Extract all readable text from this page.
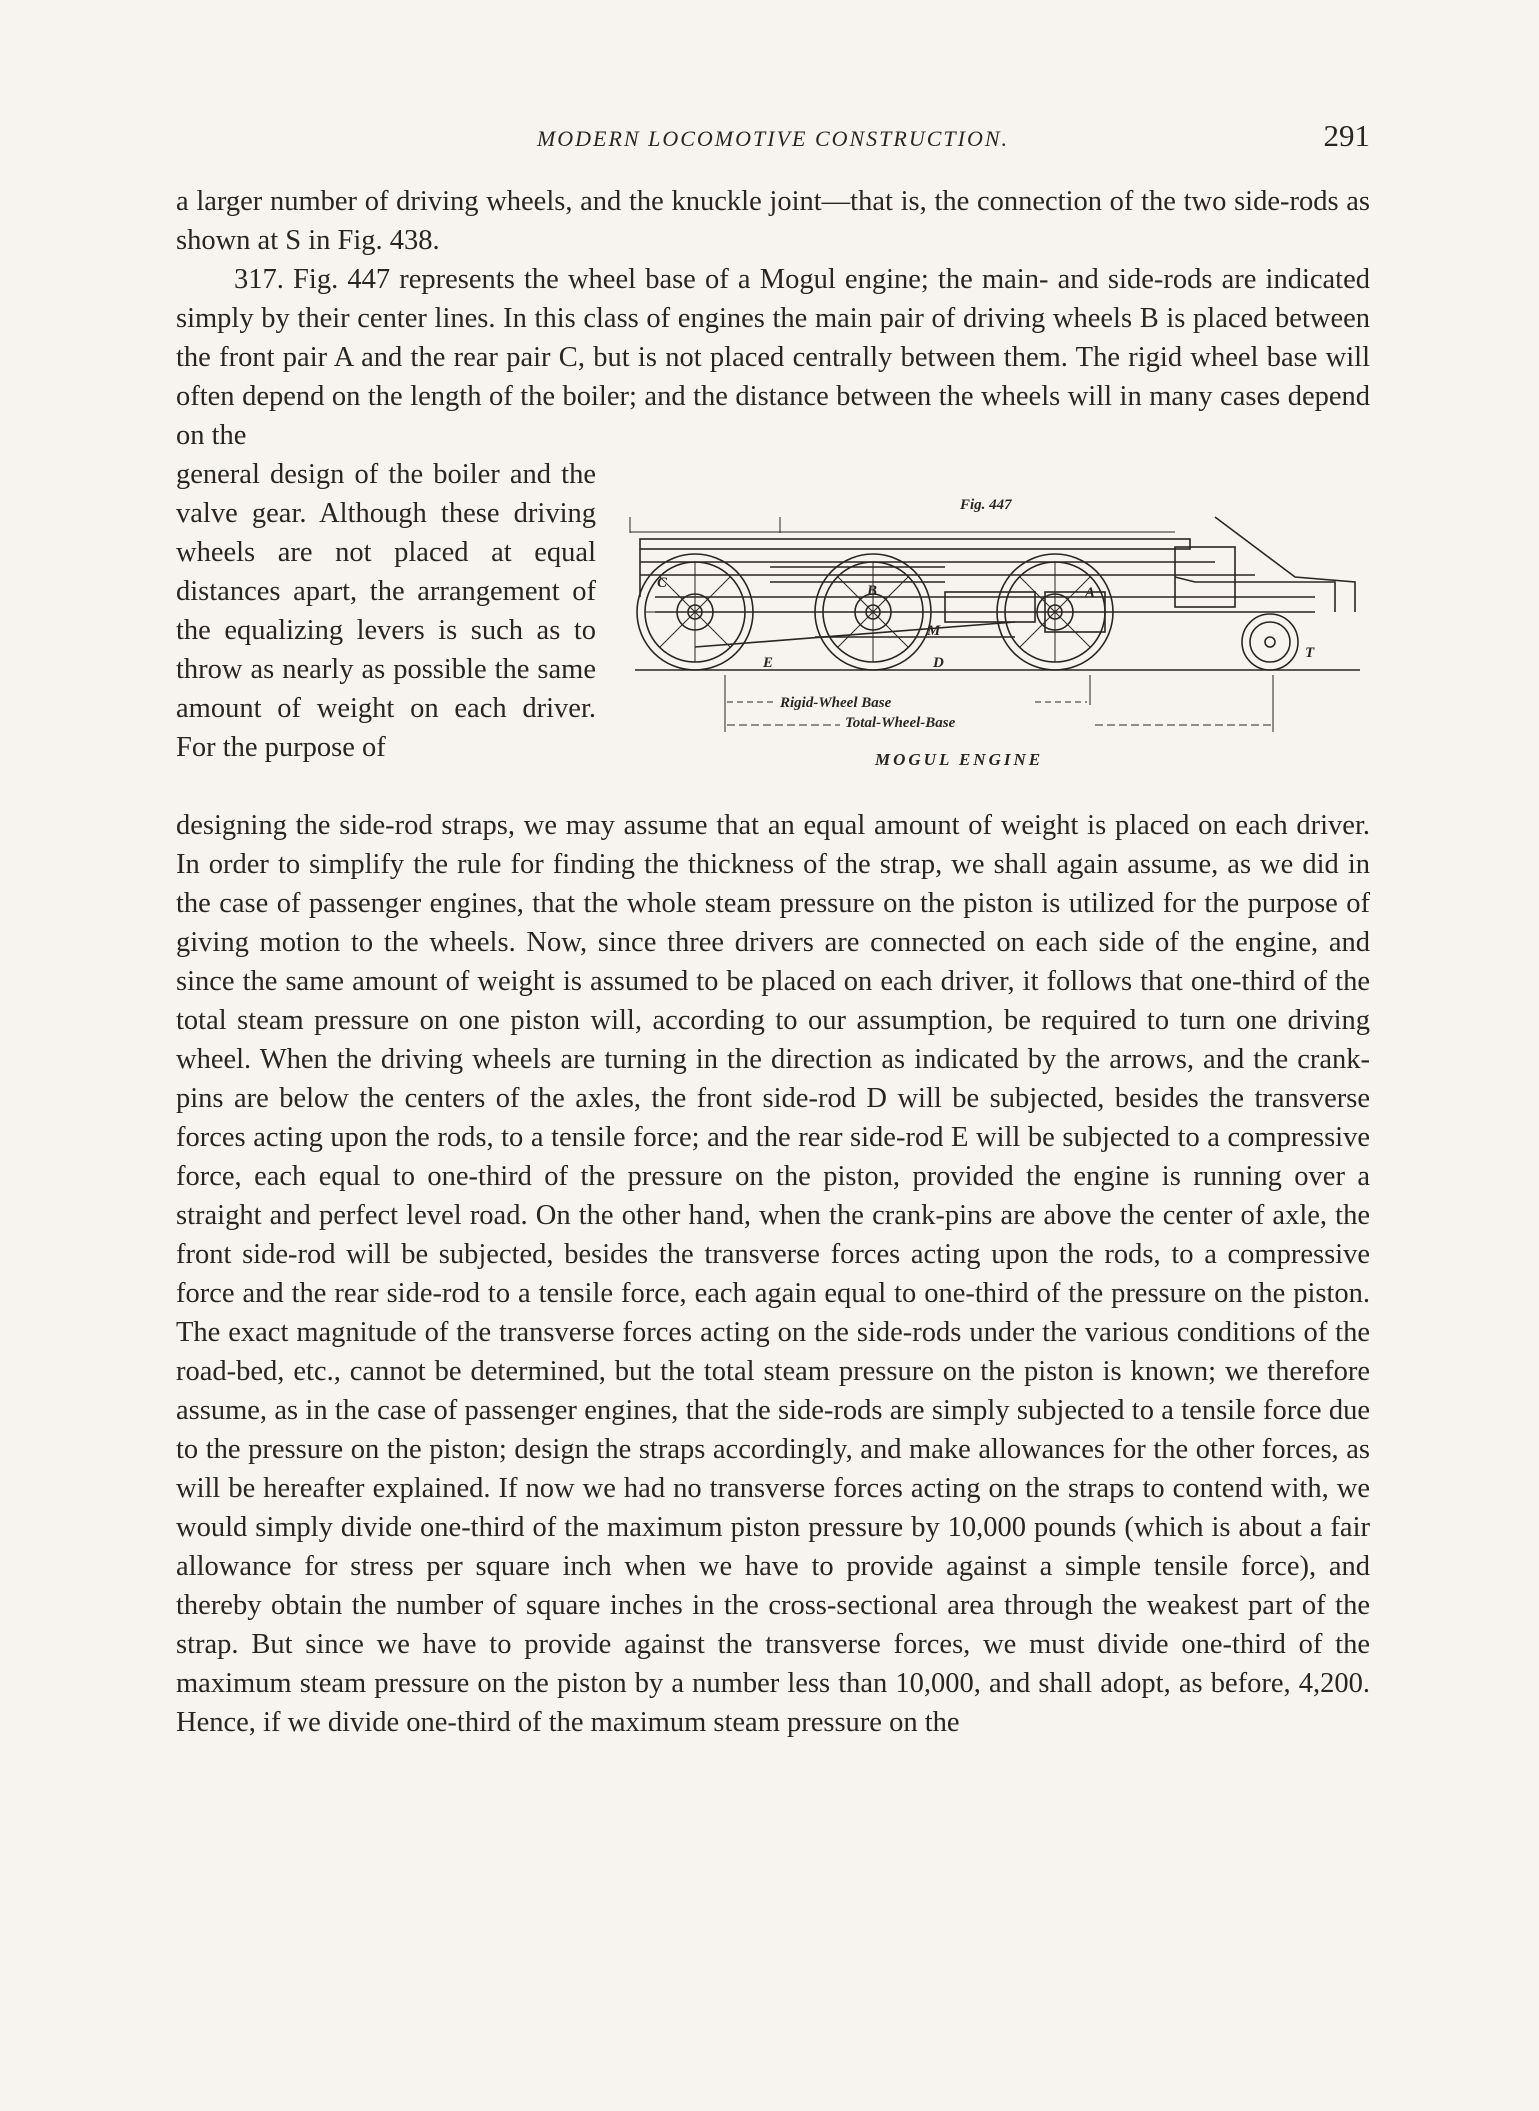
MODERN LOCOMOTIVE CONSTRUCTION.	291

a larger number of driving wheels, and the knuckle joint—that is, the connection of the two side-rods as shown at S in Fig. 438.

317. Fig. 447 represents the wheel base of a Mogul engine; the main- and side-rods are indicated simply by their center lines. In this class of engines the main pair of driving wheels B is placed between the front pair A and the rear pair C, but is not placed centrally between them. The rigid wheel base will often depend on the length of the boiler; and the distance between the wheels will in many cases depend on the

general design of the boiler and the valve gear. Although these driving wheels are not placed at equal distances apart, the arrangement of the equalizing levers is such as to throw as nearly as possible the same amount of weight on each driver. For the purpose of

Fig. 447
E	D
B	A
C
M
T
Rigid-Wheel Base
Total-Wheel-Base
MOGUL ENGINE

designing the side-rod straps, we may assume that an equal amount of weight is placed on each driver. In order to simplify the rule for finding the thickness of the strap, we shall again assume, as we did in the case of passenger engines, that the whole steam pressure on the piston is utilized for the purpose of giving motion to the wheels. Now, since three drivers are connected on each side of the engine, and since the same amount of weight is assumed to be placed on each driver, it follows that one-third of the total steam pressure on one piston will, according to our assumption, be required to turn one driving wheel. When the driving wheels are turning in the direction as indicated by the arrows, and the crank-pins are below the centers of the axles, the front side-rod D will be subjected, besides the transverse forces acting upon the rods, to a tensile force; and the rear side-rod E will be subjected to a compressive force, each equal to one-third of the pressure on the piston, provided the engine is running over a straight and perfect level road. On the other hand, when the crank-pins are above the center of axle, the front side-rod will be subjected, besides the transverse forces acting upon the rods, to a compressive force and the rear side-rod to a tensile force, each again equal to one-third of the pressure on the piston. The exact magnitude of the transverse forces acting on the side-rods under the various conditions of the road-bed, etc., cannot be determined, but the total steam pressure on the piston is known; we therefore assume, as in the case of passenger engines, that the side-rods are simply subjected to a tensile force due to the pressure on the piston; design the straps accordingly, and make allowances for the other forces, as will be hereafter explained. If now we had no transverse forces acting on the straps to contend with, we would simply divide one-third of the maximum piston pressure by 10,000 pounds (which is about a fair allowance for stress per square inch when we have to provide against a simple tensile force), and thereby obtain the number of square inches in the cross-sectional area through the weakest part of the strap. But since we have to provide against the transverse forces, we must divide one-third of the maximum steam pressure on the piston by a number less than 10,000, and shall adopt, as before, 4,200. Hence, if we divide one-third of the maximum steam pressure on the
